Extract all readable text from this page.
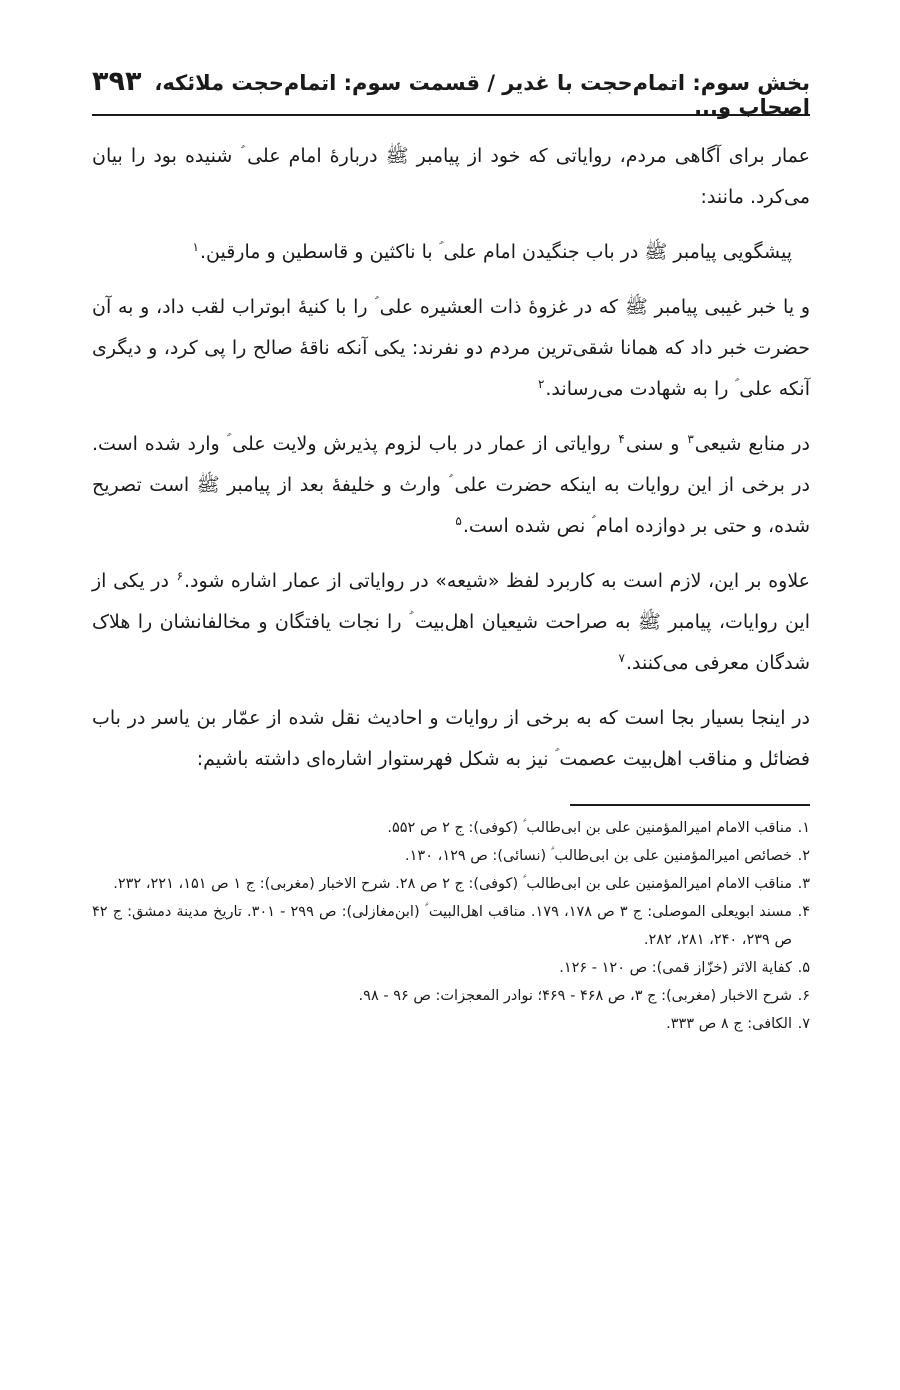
بخش سوم: اتمام‌حجت با غدیر / قسمت سوم: اتمام‌حجت ملائکه، اصحاب و...
۳۹۳

عمار برای آگاهی مردم، روایاتی که خود از پیامبر ﷺ دربارهٔ امام علی ؑ شنیده بود را بیان می‌کرد. مانند:

پیشگویی پیامبر ﷺ در باب جنگیدن امام علی ؑ با ناکثین و قاسطین و مارقین.$^۱$

و یا خبر غیبی پیامبر ﷺ که در غزوهٔ ذات العشیره علی ؑ را با کنیهٔ ابوتراب لقب داد، و به آن حضرت خبر داد که همانا شقی‌ترین مردم دو نفرند: یکی آنکه ناقهٔ صالح را پی کرد، و دیگری آنکه علی ؑ را به شهادت می‌رساند.$^۲$

در منابع شیعی$^۳$ و سنی$^۴$ روایاتی از عمار در باب لزوم پذیرش ولایت علی ؑ وارد شده است. در برخی از این روایات به اینکه حضرت علی ؑ وارث و خلیفهٔ بعد از پیامبر ﷺ است تصریح شده، و حتی بر دوازده امام ؑ نص شده است.$^۵$

علاوه بر این، لازم است به کاربرد لفظ «شیعه» در روایاتی از عمار اشاره شود.$^۶$ در یکی از این روایات، پیامبر ﷺ به صراحت شیعیان اهل‌بیت ؑ را نجات یافتگان و مخالفانشان را هلاک شدگان معرفی می‌کنند.$^۷$

در اینجا بسیار بجا است که به برخی از روایات و احادیث نقل شده از عمّار بن یاسر در باب فضائل و مناقب اهل‌بیت عصمت ؑ نیز به شکل فهرستوار اشاره‌ای داشته باشیم:

۱.مناقب الامام امیرالمؤمنین علی بن ابی‌طالب ؑ (کوفی): ج ۲ ص ۵۵۲.
۲.خصائص امیرالمؤمنین علی بن ابی‌طالب ؑ (نسائی): ص ۱۲۹، ۱۳۰.
۳.مناقب الامام امیرالمؤمنین علی بن ابی‌طالب ؑ (کوفی): ج ۲ ص ۲۸. شرح الاخبار (مغربی): ج ۱ ص ۱۵۱، ۲۲۱، ۲۳۲.
۴.مسند ابویعلی الموصلی: ج ۳ ص ۱۷۸، ۱۷۹. مناقب اهل‌البیت ؑ (ابن‌مغازلی): ص ۲۹۹ - ۳۰۱. تاریخ مدینة دمشق: ج ۴۲ ص ۲۳۹، ۲۴۰، ۲۸۱، ۲۸۲.
۵.کفایة الاثر (خزّاز قمی): ص ۱۲۰ - ۱۲۶.
۶.شرح الاخبار (مغربی): ج ۳، ص ۴۶۸ - ۴۶۹؛ نوادر المعجزات: ص ۹۶ - ۹۸.
۷.الکافی: ج ۸ ص ۳۳۳.
